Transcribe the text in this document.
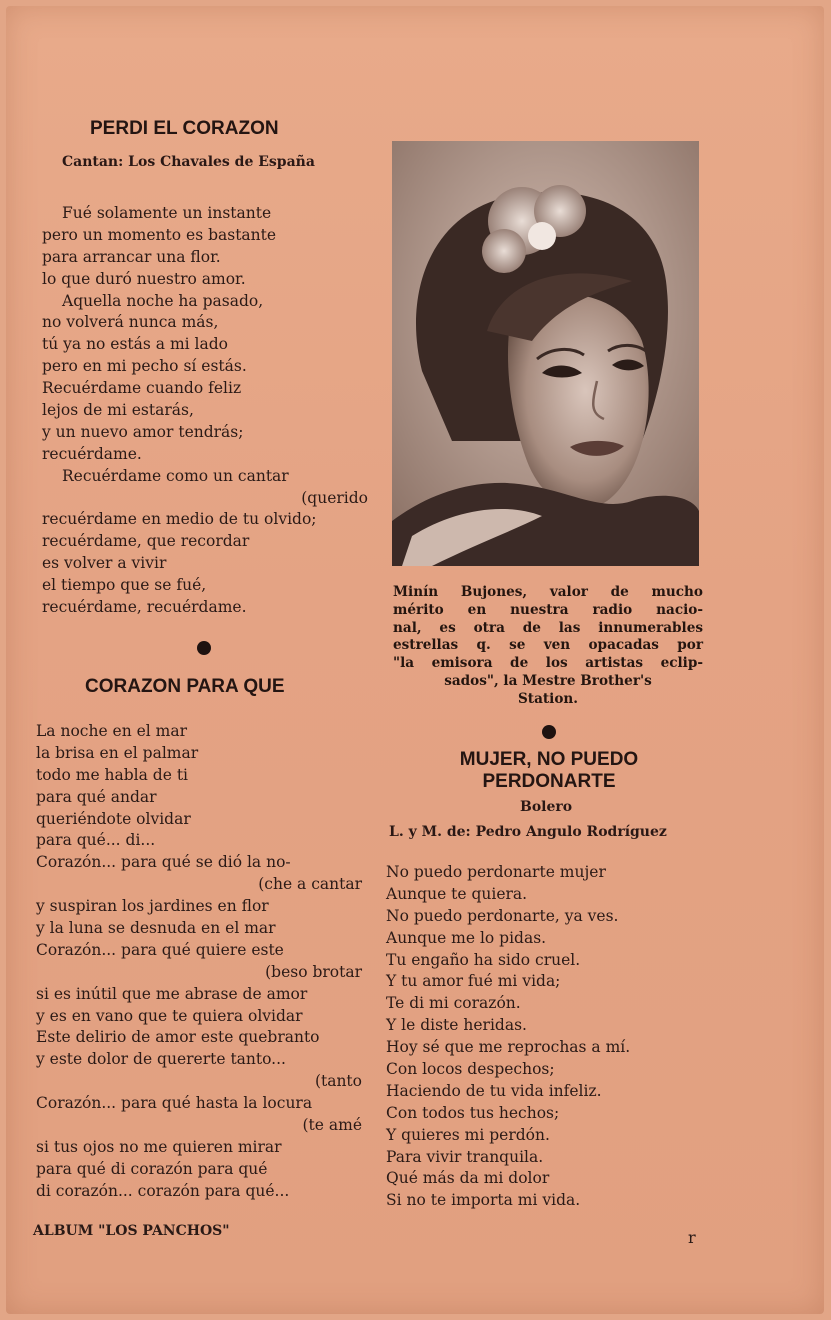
PERDI EL CORAZON
Cantan: Los Chavales de España
Fué solamente un instante
pero un momento es bastante
para arrancar una flor.
lo que duró nuestro amor.
Aquella noche ha pasado,
no volverá nunca más,
tú ya no estás a mi lado
pero en mi pecho sí estás.
Recuérdame cuando feliz
lejos de mi estarás,
y un nuevo amor tendrás;
recuérdame.
Recuérdame como un cantar
(querido
recuérdame en medio de tu olvido;
recuérdame, que recordar
es volver a vivir
el tiempo que se fué,
recuérdame, recuérdame.
CORAZON PARA QUE
La noche en el mar
la brisa en el palmar
todo me habla de ti
para qué andar
queriéndote olvidar
para qué... di...
Corazón... para qué se dió la no-
(che a cantar
y suspiran los jardines en flor
y la luna se desnuda en el mar
Corazón... para qué quiere este
(beso brotar
si es inútil que me abrase de amor
y es en vano que te quiera olvidar
Este delirio de amor este quebranto
y este dolor de quererte tanto...
(tanto
Corazón... para qué hasta la locura
(te amé
si tus ojos no me quieren mirar
para qué di corazón para qué
di corazón... corazón para qué...
ALBUM "LOS PANCHOS"
Minín Bujones, valor de mucho
mérito en nuestra radio nacio-
nal, es otra de las innumerables
estrellas q. se ven opacadas por
"la emisora de los artistas eclip-
sados", la Mestre Brother's
Station.
MUJER, NO PUEDO
PERDONARTE
Bolero
L. y M. de: Pedro Angulo Rodríguez
No puedo perdonarte mujer
Aunque te quiera.
No puedo perdonarte, ya ves.
Aunque me lo pidas.
Tu engaño ha sido cruel.
Y tu amor fué mi vida;
Te di mi corazón.
Y le diste heridas.
Hoy sé que me reprochas a mí.
Con locos despechos;
Haciendo de tu vida infeliz.
Con todos tus hechos;
Y quieres mi perdón.
Para vivir tranquila.
Qué más da mi dolor
Si no te importa mi vida.
r
